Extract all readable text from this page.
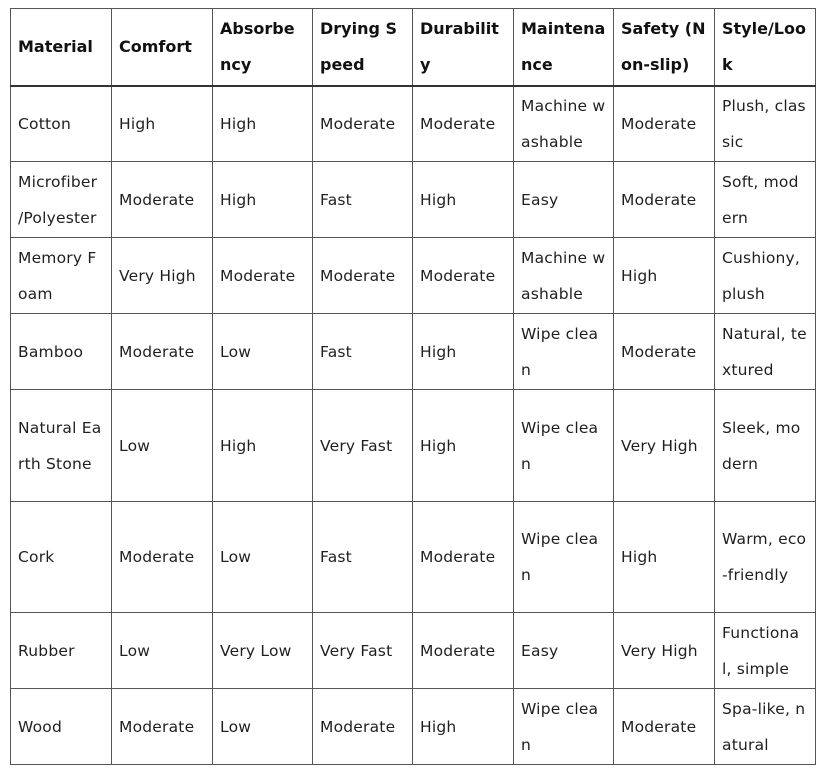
Material	Comfort	Absorbency	Drying Speed	Durability	Maintenance	Safety (Non-slip)	Style/Look
Cotton	High	High	Moderate	Moderate	Machine washable	Moderate	Plush, classic
Microfiber /Polyester	Moderate	High	Fast	High	Easy	Moderate	Soft, modern
Memory Foam	Very High	Moderate	Moderate	Moderate	Machine washable	High	Cushiony, plush
Bamboo	Moderate	Low	Fast	High	Wipe clean	Moderate	Natural, textured
Natural Earth Stone	Low	High	Very Fast	High	Wipe clean	Very High	Sleek, modern
Cork	Moderate	Low	Fast	Moderate	Wipe clean	High	Warm, eco-friendly
Rubber	Low	Very Low	Very Fast	Moderate	Easy	Very High	Functional, simple
Wood	Moderate	Low	Moderate	High	Wipe clean	Moderate	Spa-like, natural
